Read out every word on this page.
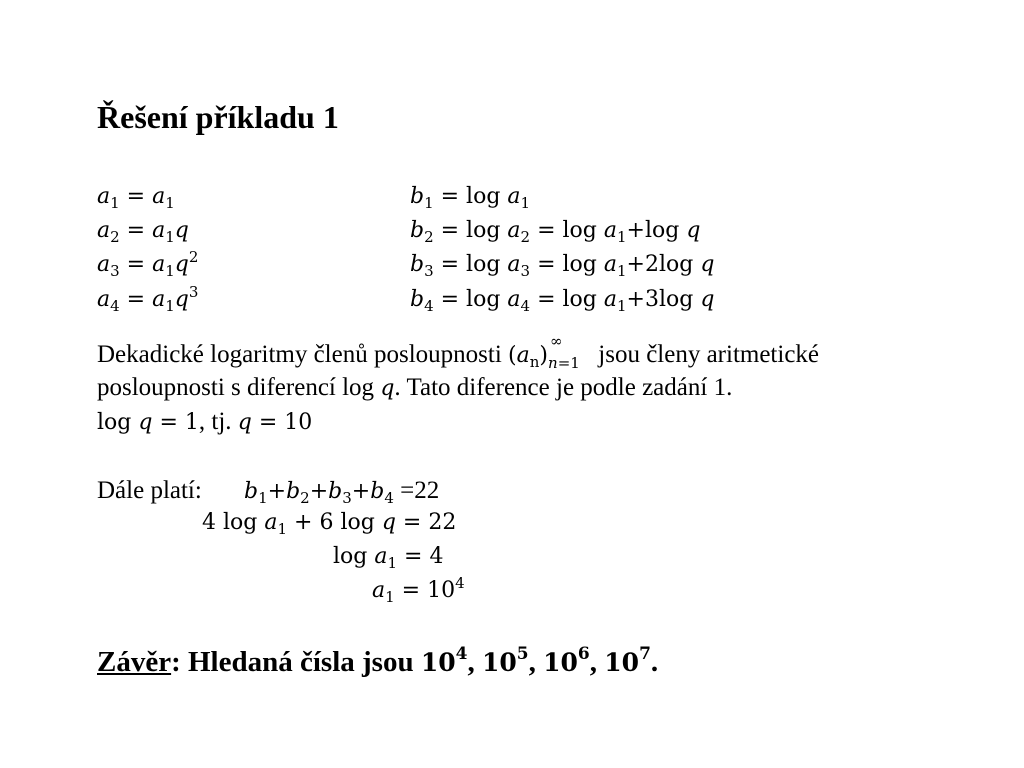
Řešení příkladu 1
$a_1 = a_1$
$a_2 = a_1q$
$a_3 = a_1q^2$
$a_4 = a_1q^3$
$b_1 = \log a_1$
$b_2 = \log a_2 = \log a_1+\log$ q
$b_3 = \log a_3 = \log a_1+2\log$ q
$b_4 = \log a_4 = \log a_1+3\log$ q
Dekadické logaritmy členů posloupnosti $(a_n)$
∞
n=1 jsou členy aritmetické
posloupnosti s diferencí log q. Tato diference je podle zadání 1.
log q = 1, tj. q = 10
Dále platí: $b_1+b_2+b_3+b_4 =22$
4 $\log a_1 + 6$ log q = 22
$\log a_1 = 4$
$a_1 = 10^4$
Závěr: Hledaná čísla jsou $10^4$, $10^5$, $10^6$, $10^7$.
